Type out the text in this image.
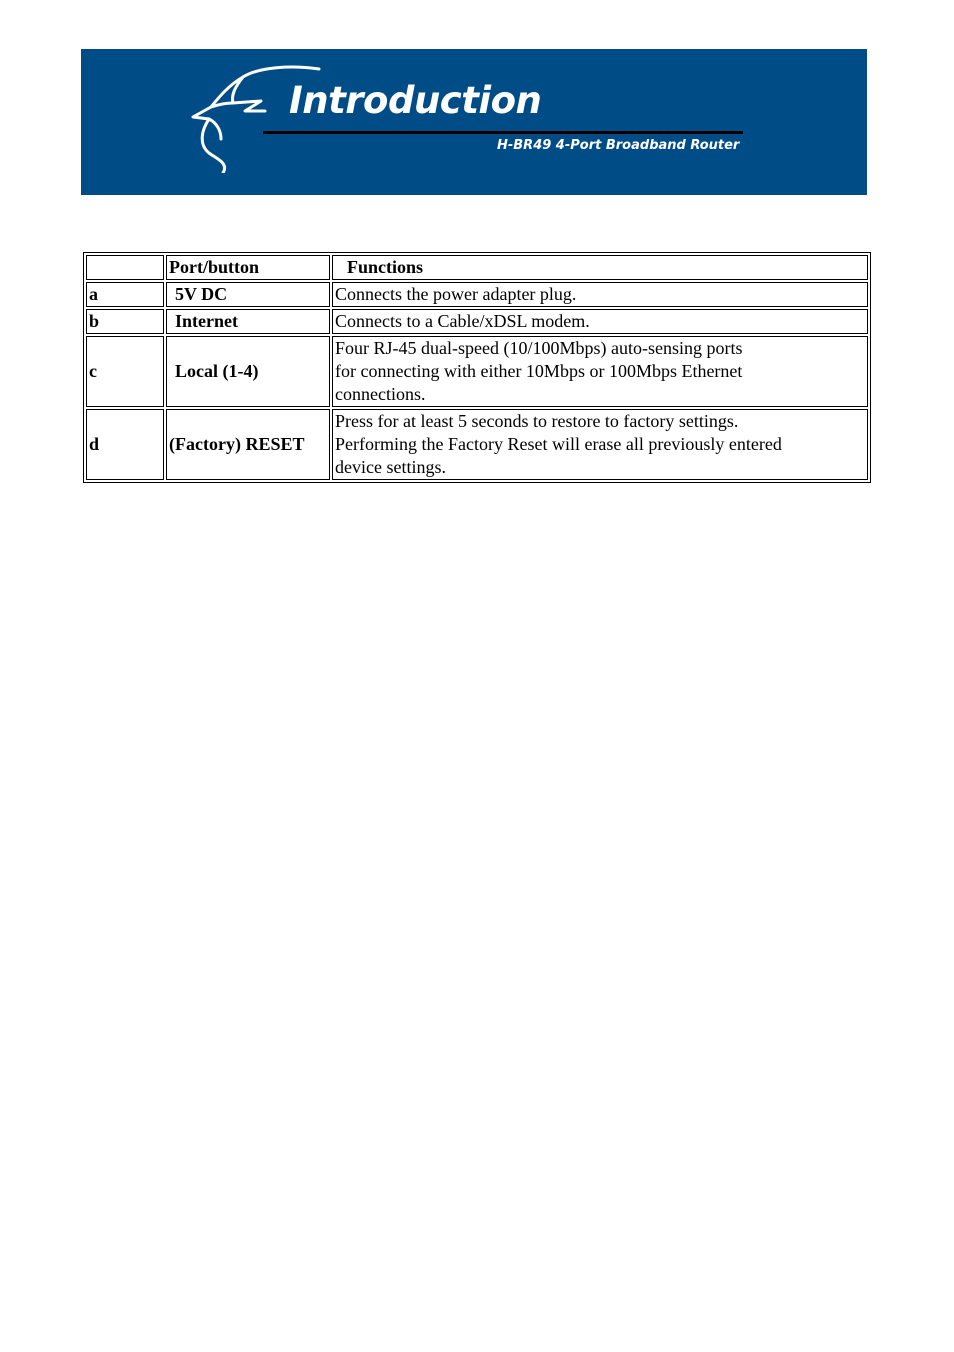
Introduction
H-BR49 4-Port Broadband Router
	Port/button	Functions
a	5V DC	Connects the power adapter plug.

b	Internet	Connects to a Cable/xDSL modem.

c	Local (1-4)	Four RJ-45 dual-speed (10/100Mbps) auto-sensing ports
for connecting with either 10Mbps or 100Mbps Ethernet
connections.

d	(Factory) RESET	Press for at least 5 seconds to restore to factory settings.
Performing the Factory Reset will erase all previously entered
device settings.
